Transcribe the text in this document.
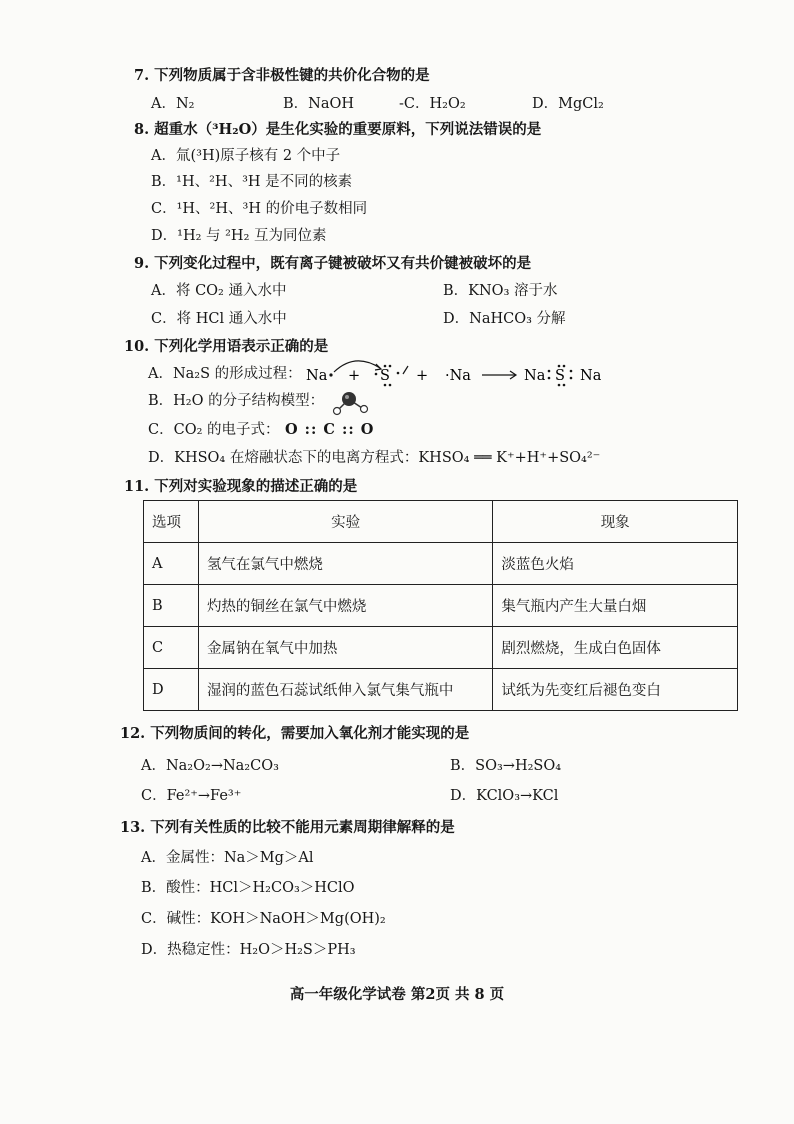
7. 下列物质属于含非极性键的共价化合物的是
A．N₂	B．NaOH	-C．H₂O₂	D．MgCl₂
8. 超重水（³H₂O）是生化实验的重要原料，下列说法错误的是
A．氚(³H)原子核有 2 个中子
B．¹H、²H、³H 是不同的核素
C．¹H、²H、³H 的价电子数相同
D．¹H₂ 与 ²H₂ 互为同位素
9. 下列变化过程中，既有离子键被破坏又有共价键被破坏的是
A．将 CO₂ 通入水中	B．KNO₃ 溶于水
C．将 HCl 通入水中	D．NaHCO₃ 分解
10. 下列化学用语表示正确的是
A．Na₂S 的形成过程： Na + S + ·Na	Na S Na
B．H₂O 的分子结构模型：
C．CO₂ 的电子式： O :: C :: O
D．KHSO₄ 在熔融状态下的电离方程式：KHSO₄ ══ K⁺+H⁺+SO₄²⁻
11. 下列对实验现象的描述正确的是
选项	实验	现象
A	氢气在氯气中燃烧	淡蓝色火焰
B	灼热的铜丝在氯气中燃烧	集气瓶内产生大量白烟
C	金属钠在氧气中加热	剧烈燃烧，生成白色固体
D	湿润的蓝色石蕊试纸伸入氯气集气瓶中	试纸为先变红后褪色变白
12. 下列物质间的转化，需要加入氧化剂才能实现的是
A．Na₂O₂→Na₂CO₃	B．SO₃→H₂SO₄
C．Fe²⁺→Fe³⁺	D．KClO₃→KCl
13. 下列有关性质的比较不能用元素周期律解释的是
A．金属性：Na＞Mg＞Al
B．酸性：HCl＞H₂CO₃＞HClO
C．碱性：KOH＞NaOH＞Mg(OH)₂
D．热稳定性：H₂O＞H₂S＞PH₃
高一年级化学试卷 第2页 共 8 页
